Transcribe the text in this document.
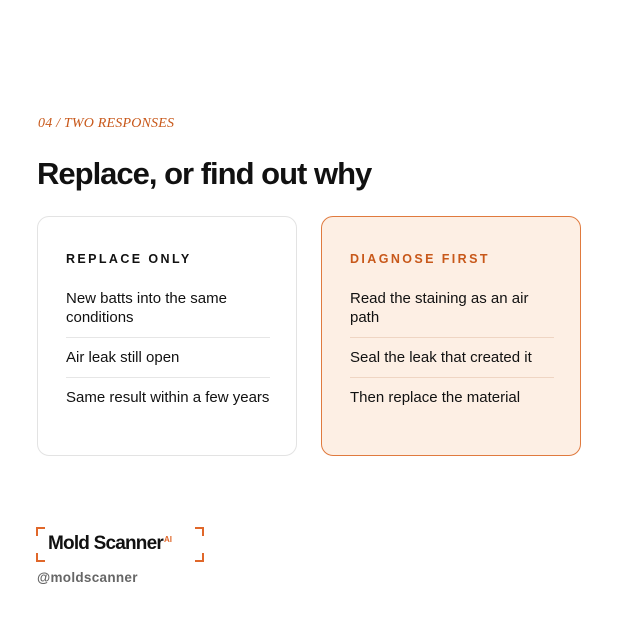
04 / TWO RESPONSES
Replace, or find out why
REPLACE ONLY
New batts into the same conditions
Air leak still open
Same result within a few years
DIAGNOSE FIRST
Read the staining as an air path
Seal the leak that created it
Then replace the material
Mold Scanner$^{AI}$
@moldscanner
